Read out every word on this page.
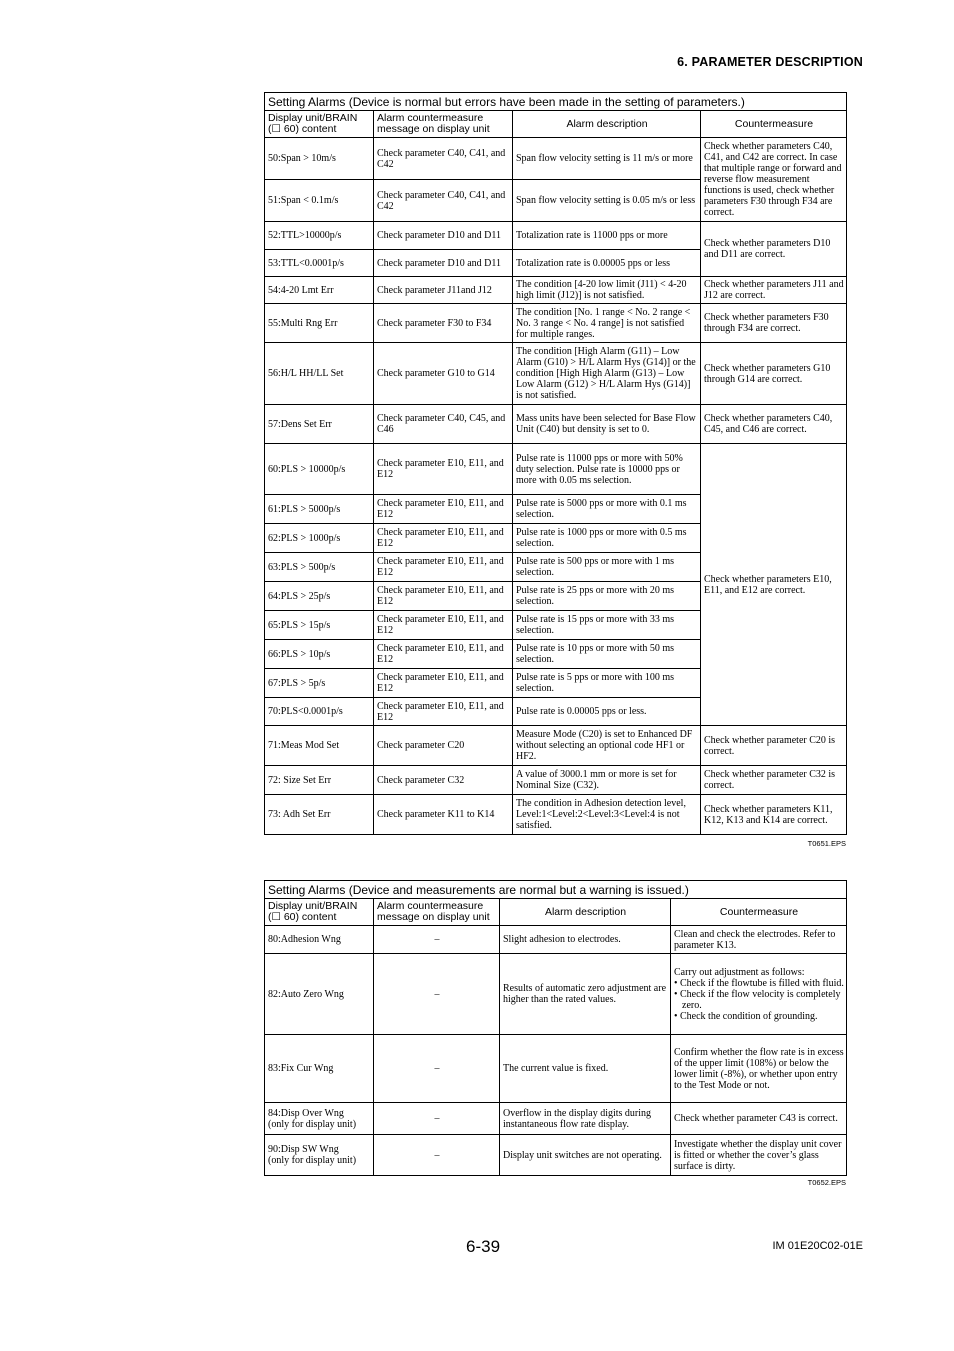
6. PARAMETER DESCRIPTION
Setting Alarms (Device is normal but errors have been made in the setting of parameters.)			
Display unit/BRAIN (☐ 60) content	Alarm countermeasure message on display unit	Alarm description	Countermeasure
50:Span > 10m/s	Check parameter C40, C41, and C42	Span flow velocity setting is 11 m/s or more	Check whether parameters C40, C41, and C42 are correct. In case that multiple range or forward and reverse flow measurement functions is used, check whether parameters F30 through F34 are correct.
51:Span < 0.1m/s	Check parameter C40, C41, and C42	Span flow velocity setting is 0.05 m/s or less	
52:TTL>10000p/s	Check parameter D10 and D11	Totalization rate is 11000 pps or more	Check whether parameters D10 and D11 are correct.
53:TTL<0.0001p/s	Check parameter D10 and D11	Totalization rate is 0.00005 pps or less	
54:4-20 Lmt Err	Check parameter J11and J12	The condition [4-20 low limit (J11) < 4-20 high limit (J12)] is not satisfied.	Check whether parameters J11 and J12 are correct.
55:Multi Rng Err	Check parameter F30 to F34	The condition [No. 1 range < No. 2 range < No. 3 range < No. 4 range] is not satisfied for multiple ranges.	Check whether parameters F30 through F34 are correct.
56:H/L HH/LL Set	Check parameter G10 to G14	The condition [High Alarm (G11) – Low Alarm (G10) > H/L Alarm Hys (G14)] or the condition [High High Alarm (G13) – Low Low Alarm (G12) > H/L Alarm Hys (G14)] is not satisfied.	Check whether parameters G10 through G14 are correct.
57:Dens Set Err	Check parameter C40, C45, and C46	Mass units have been selected for Base Flow Unit (C40) but density is set to 0.	Check whether parameters C40, C45, and C46 are correct.
60:PLS > 10000p/s	Check parameter E10, E11, and E12	Pulse rate is 11000 pps or more with 50% duty selection. Pulse rate is 10000 pps or more with 0.05 ms selection.	Check whether parameters E10, E11, and E12 are correct.
61:PLS > 5000p/s	Check parameter E10, E11, and E12	Pulse rate is 5000 pps or more with 0.1 ms selection.	
62:PLS > 1000p/s	Check parameter E10, E11, and E12	Pulse rate is 1000 pps or more with 0.5 ms selection.	
63:PLS > 500p/s	Check parameter E10, E11, and E12	Pulse rate is 500 pps or more with 1 ms selection.	
64:PLS > 25p/s	Check parameter E10, E11, and E12	Pulse rate is 25 pps or more with 20 ms selection.	
65:PLS > 15p/s	Check parameter E10, E11, and E12	Pulse rate is 15 pps or more with 33 ms selection.	
66:PLS > 10p/s	Check parameter E10, E11, and E12	Pulse rate is 10 pps or more with 50 ms selection.	
67:PLS > 5p/s	Check parameter E10, E11, and E12	Pulse rate is 5 pps or more with 100 ms selection.	
70:PLS<0.0001p/s	Check parameter E10, E11, and E12	Pulse rate is 0.00005 pps or less.	
71:Meas Mod Set	Check parameter C20	Measure Mode (C20) is set to Enhanced DF without selecting an optional code HF1 or HF2.	Check whether parameter C20 is correct.
72: Size Set Err	Check parameter C32	A value of 3000.1 mm or more is set for Nominal Size (C32).	Check whether parameter C32 is correct.
73: Adh Set Err	Check parameter K11 to K14	The condition in Adhesion detection level, Level:1<Level:2<Level:3<Level:4 is not satisfied.	Check whether parameters K11, K12, K13 and K14 are correct.
T0651.EPS
Setting Alarms (Device and measurements are normal but a warning is issued.)			
Display unit/BRAIN (☐ 60) content	Alarm countermeasure message on display unit	Alarm description	Countermeasure
80:Adhesion Wng	–	Slight adhesion to electrodes.	Clean and check the electrodes. Refer to parameter K13.
82:Auto Zero Wng	–	Results of automatic zero adjustment are higher than the rated values.	Carry out adjustment as follows:
• Check if the flowtube is filled with fluid.
• Check if the flow velocity is completely zero.
• Check the condition of grounding.

83:Fix Cur Wng	–	The current value is fixed.	Confirm whether the flow rate is in excess of the upper limit (108%) or below the lower limit (-8%), or whether upon entry to the Test Mode or not.

84:Disp Over Wng
(only for display unit)	–	Overflow in the display digits during instantaneous flow rate display.	Check whether parameter C43 is correct.

90:Disp SW Wng
(only for display unit)	–	Display unit switches are not operating.	Investigate whether the display unit cover is fitted or whether the cover’s glass surface is dirty.
T0652.EPS
6-39	IM 01E20C02-01E
